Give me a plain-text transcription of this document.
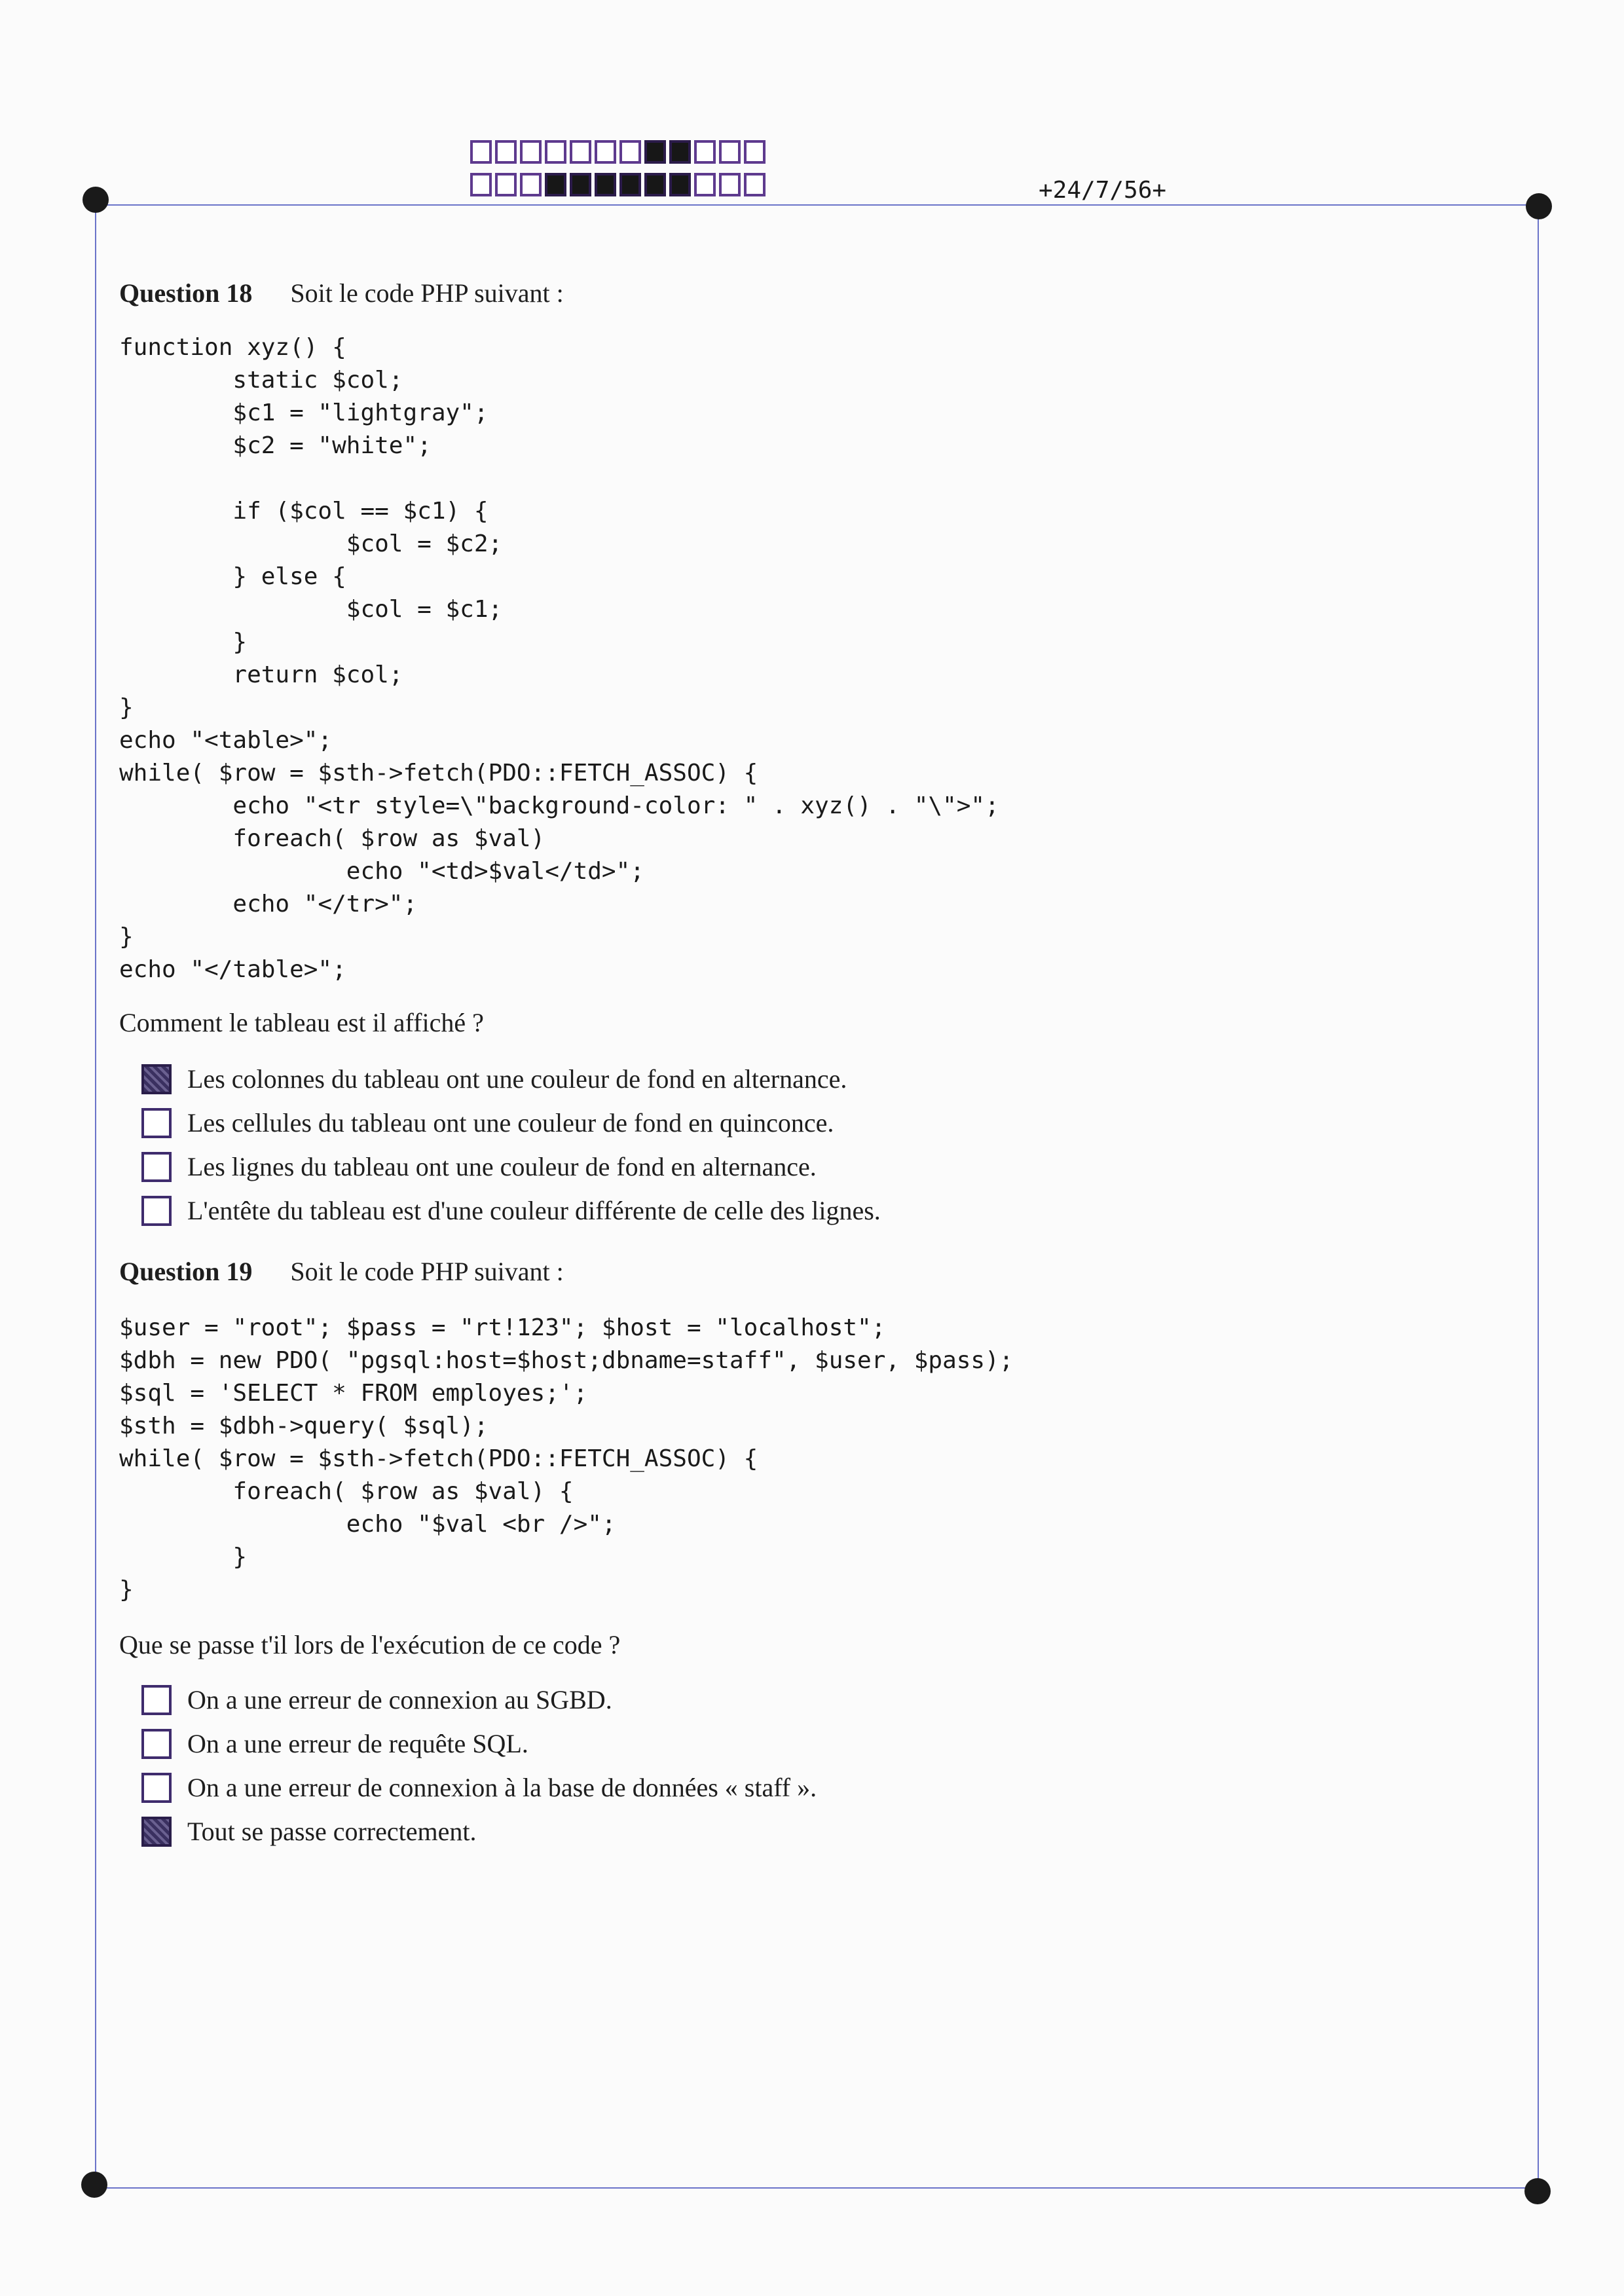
+24/7/56+
Question 18 Soit le code PHP suivant :
function xyz() {
static $col;
$c1 = "lightgray";
$c2 = "white";

if ($col == $c1) {
$col = $c2;
} else {
$col = $c1;
}
return $col;
}
echo "<table>";
while( $row = $sth->fetch(PDO::FETCH_ASSOC) {
echo "<tr style=\"background-color: " . xyz() . "\">";
foreach( $row as $val)
echo "<td>$val</td>";
echo "</tr>";
}
echo "</table>";
Comment le tableau est il affiché ?
Les colonnes du tableau ont une couleur de fond en alternance.
Les cellules du tableau ont une couleur de fond en quinconce.
Les lignes du tableau ont une couleur de fond en alternance.
L'entête du tableau est d'une couleur différente de celle des lignes.
Question 19 Soit le code PHP suivant :
$user = "root"; $pass = "rt!123"; $host = "localhost";
$dbh = new PDO( "pgsql:host=$host;dbname=staff", $user, $pass);
$sql = 'SELECT * FROM employes;';
$sth = $dbh->query( $sql);
while( $row = $sth->fetch(PDO::FETCH_ASSOC) {
foreach( $row as $val) {
echo "$val <br />";
}
}
Que se passe t'il lors de l'exécution de ce code ?
On a une erreur de connexion au SGBD.
On a une erreur de requête SQL.
On a une erreur de connexion à la base de données « staff ».
Tout se passe correctement.
